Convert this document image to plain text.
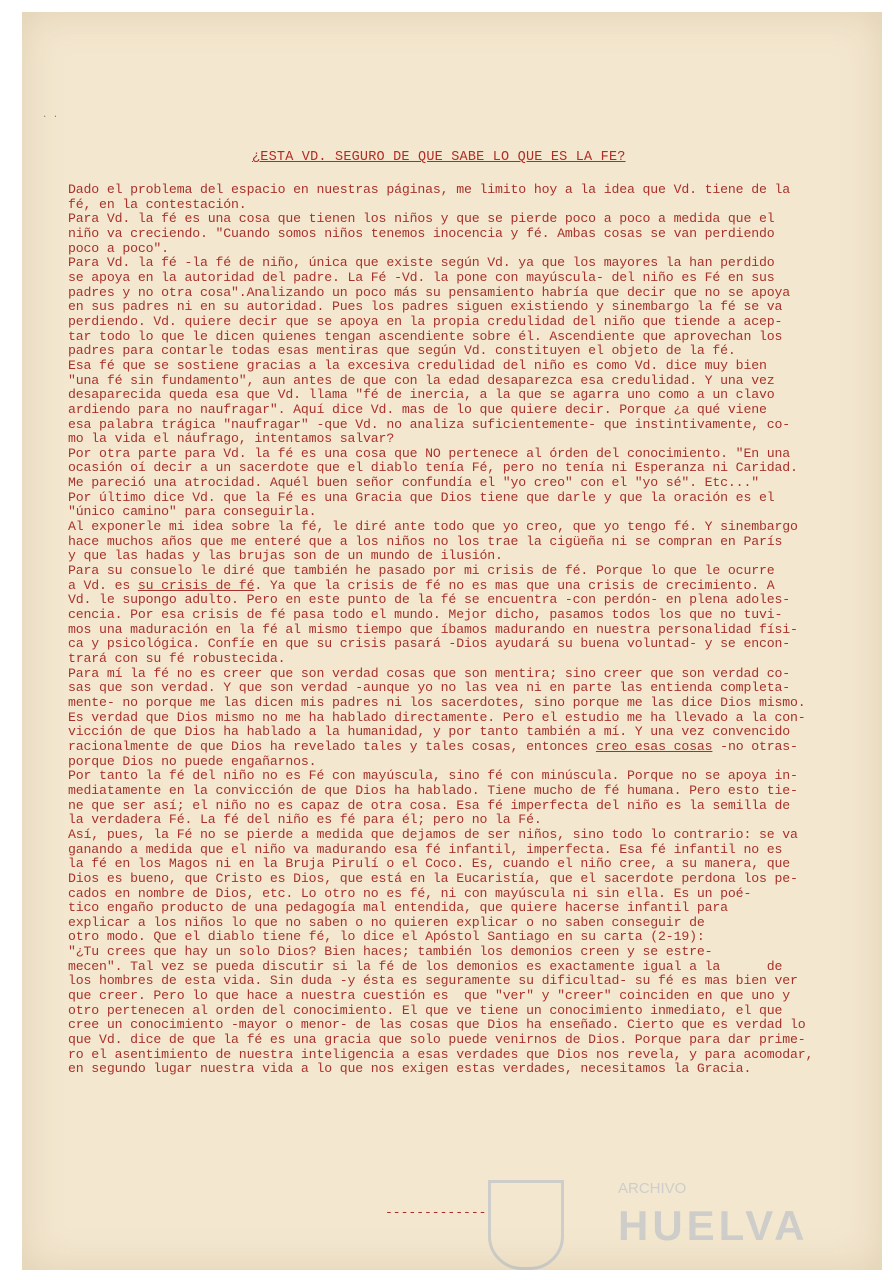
· ·
¿ESTA VD. SEGURO DE QUE SABE LO QUE ES LA FE?
Dado el problema del espacio en nuestras páginas, me limito hoy a la idea que Vd. tiene de la
fé, en la contestación.
Para Vd. la fé es una cosa que tienen los niños y que se pierde poco a poco a medida que el
niño va creciendo. "Cuando somos niños tenemos inocencia y fé. Ambas cosas se van perdiendo
poco a poco".
Para Vd. la fé -la fé de niño, única que existe según Vd. ya que los mayores la han perdido
se apoya en la autoridad del padre. La Fé -Vd. la pone con mayúscula- del niño es Fé en sus
padres y no otra cosa".Analizando un poco más su pensamiento habría que decir que no se apoya
en sus padres ni en su autoridad. Pues los padres siguen existiendo y sinembargo la fé se va
perdiendo. Vd. quiere decir que se apoya en la propia credulidad del niño que tiende a acep-
tar todo lo que le dicen quienes tengan ascendiente sobre él. Ascendiente que aprovechan los
padres para contarle todas esas mentiras que según Vd. constituyen el objeto de la fé.
Esa fé que se sostiene gracias a la excesiva credulidad del niño es como Vd. dice muy bien
"una fé sin fundamento", aun antes de que con la edad desaparezca esa credulidad. Y una vez
desaparecida queda esa que Vd. llama "fé de inercia, a la que se agarra uno como a un clavo
ardiendo para no naufragar". Aquí dice Vd. mas de lo que quiere decir. Porque ¿a qué viene
esa palabra trágica "naufragar" -que Vd. no analiza suficientemente- que instintivamente, co-
mo la vida el náufrago, intentamos salvar?
Por otra parte para Vd. la fé es una cosa que NO pertenece al órden del conocimiento. "En una
ocasión oí decir a un sacerdote que el diablo tenía Fé, pero no tenía ni Esperanza ni Caridad.
Me pareció una atrocidad. Aquél buen señor confundía el "yo creo" con el "yo sé". Etc..."
Por último dice Vd. que la Fé es una Gracia que Dios tiene que darle y que la oración es el
"único camino" para conseguirla.
Al exponerle mi idea sobre la fé, le diré ante todo que yo creo, que yo tengo fé. Y sinembargo
hace muchos años que me enteré que a los niños no los trae la cigüeña ni se compran en París
y que las hadas y las brujas son de un mundo de ilusión.
Para su consuelo le diré que también he pasado por mi crisis de fé. Porque lo que le ocurre
a Vd. es su crisis de fé. Ya que la crisis de fé no es mas que una crisis de crecimiento. A
Vd. le supongo adulto. Pero en este punto de la fé se encuentra -con perdón- en plena adoles-
cencia. Por esa crisis de fé pasa todo el mundo. Mejor dicho, pasamos todos los que no tuvi-
mos una maduración en la fé al mismo tiempo que íbamos madurando en nuestra personalidad físi-
ca y psicológica. Confíe en que su crisis pasará -Dios ayudará su buena voluntad- y se encon-
trará con su fé robustecida.
Para mí la fé no es creer que son verdad cosas que son mentira; sino creer que son verdad co-
sas que son verdad. Y que son verdad -aunque yo no las vea ni en parte las entienda completa-
mente- no porque me las dicen mis padres ni los sacerdotes, sino porque me las dice Dios mismo.
Es verdad que Dios mismo no me ha hablado directamente. Pero el estudio me ha llevado a la con-
vicción de que Dios ha hablado a la humanidad, y por tanto también a mí. Y una vez convencido
racionalmente de que Dios ha revelado tales y tales cosas, entonces creo esas cosas -no otras-
porque Dios no puede engañarnos.
Por tanto la fé del niño no es Fé con mayúscula, sino fé con minúscula. Porque no se apoya in-
mediatamente en la convicción de que Dios ha hablado. Tiene mucho de fé humana. Pero esto tie-
ne que ser así; el niño no es capaz de otra cosa. Esa fé imperfecta del niño es la semilla de
la verdadera Fé. La fé del niño es fé para él; pero no la Fé.
Así, pues, la Fé no se pierde a medida que dejamos de ser niños, sino todo lo contrario: se va
ganando a medida que el niño va madurando esa fé infantil, imperfecta. Esa fé infantil no es
la fé en los Magos ni en la Bruja Pirulí o el Coco. Es, cuando el niño cree, a su manera, que
Dios es bueno, que Cristo es Dios, que está en la Eucaristía, que el sacerdote perdona los pe-
cados en nombre de Dios, etc. Lo otro no es fé, ni con mayúscula ni sin ella. Es un poé-
tico engaño producto de una pedagogía mal entendida, que quiere hacerse infantil para
explicar a los niños lo que no saben o no quieren explicar o no saben conseguir de
otro modo. Que el diablo tiene fé, lo dice el Apóstol Santiago en su carta (2-19):
"¿Tu crees que hay un solo Dios? Bien haces; también los demonios creen y se estre-
mecen". Tal vez se pueda discutir si la fé de los demonios es exactamente igual a la      de
los hombres de esta vida. Sin duda -y ésta es seguramente su dificultad- su fé es mas bien ver
que creer. Pero lo que hace a nuestra cuestión es  que "ver" y "creer" coinciden en que uno y
otro pertenecen al orden del conocimiento. El que ve tiene un conocimiento inmediato, el que
cree un conocimiento -mayor o menor- de las cosas que Dios ha enseñado. Cierto que es verdad lo
que Vd. dice de que la fé es una gracia que solo puede venirnos de Dios. Porque para dar prime-
ro el asentimiento de nuestra inteligencia a esas verdades que Dios nos revela, y para acomodar,
en segundo lugar nuestra vida a lo que nos exigen estas verdades, necesitamos la Gracia.
-------------
ARCHIVO
HUELVA
